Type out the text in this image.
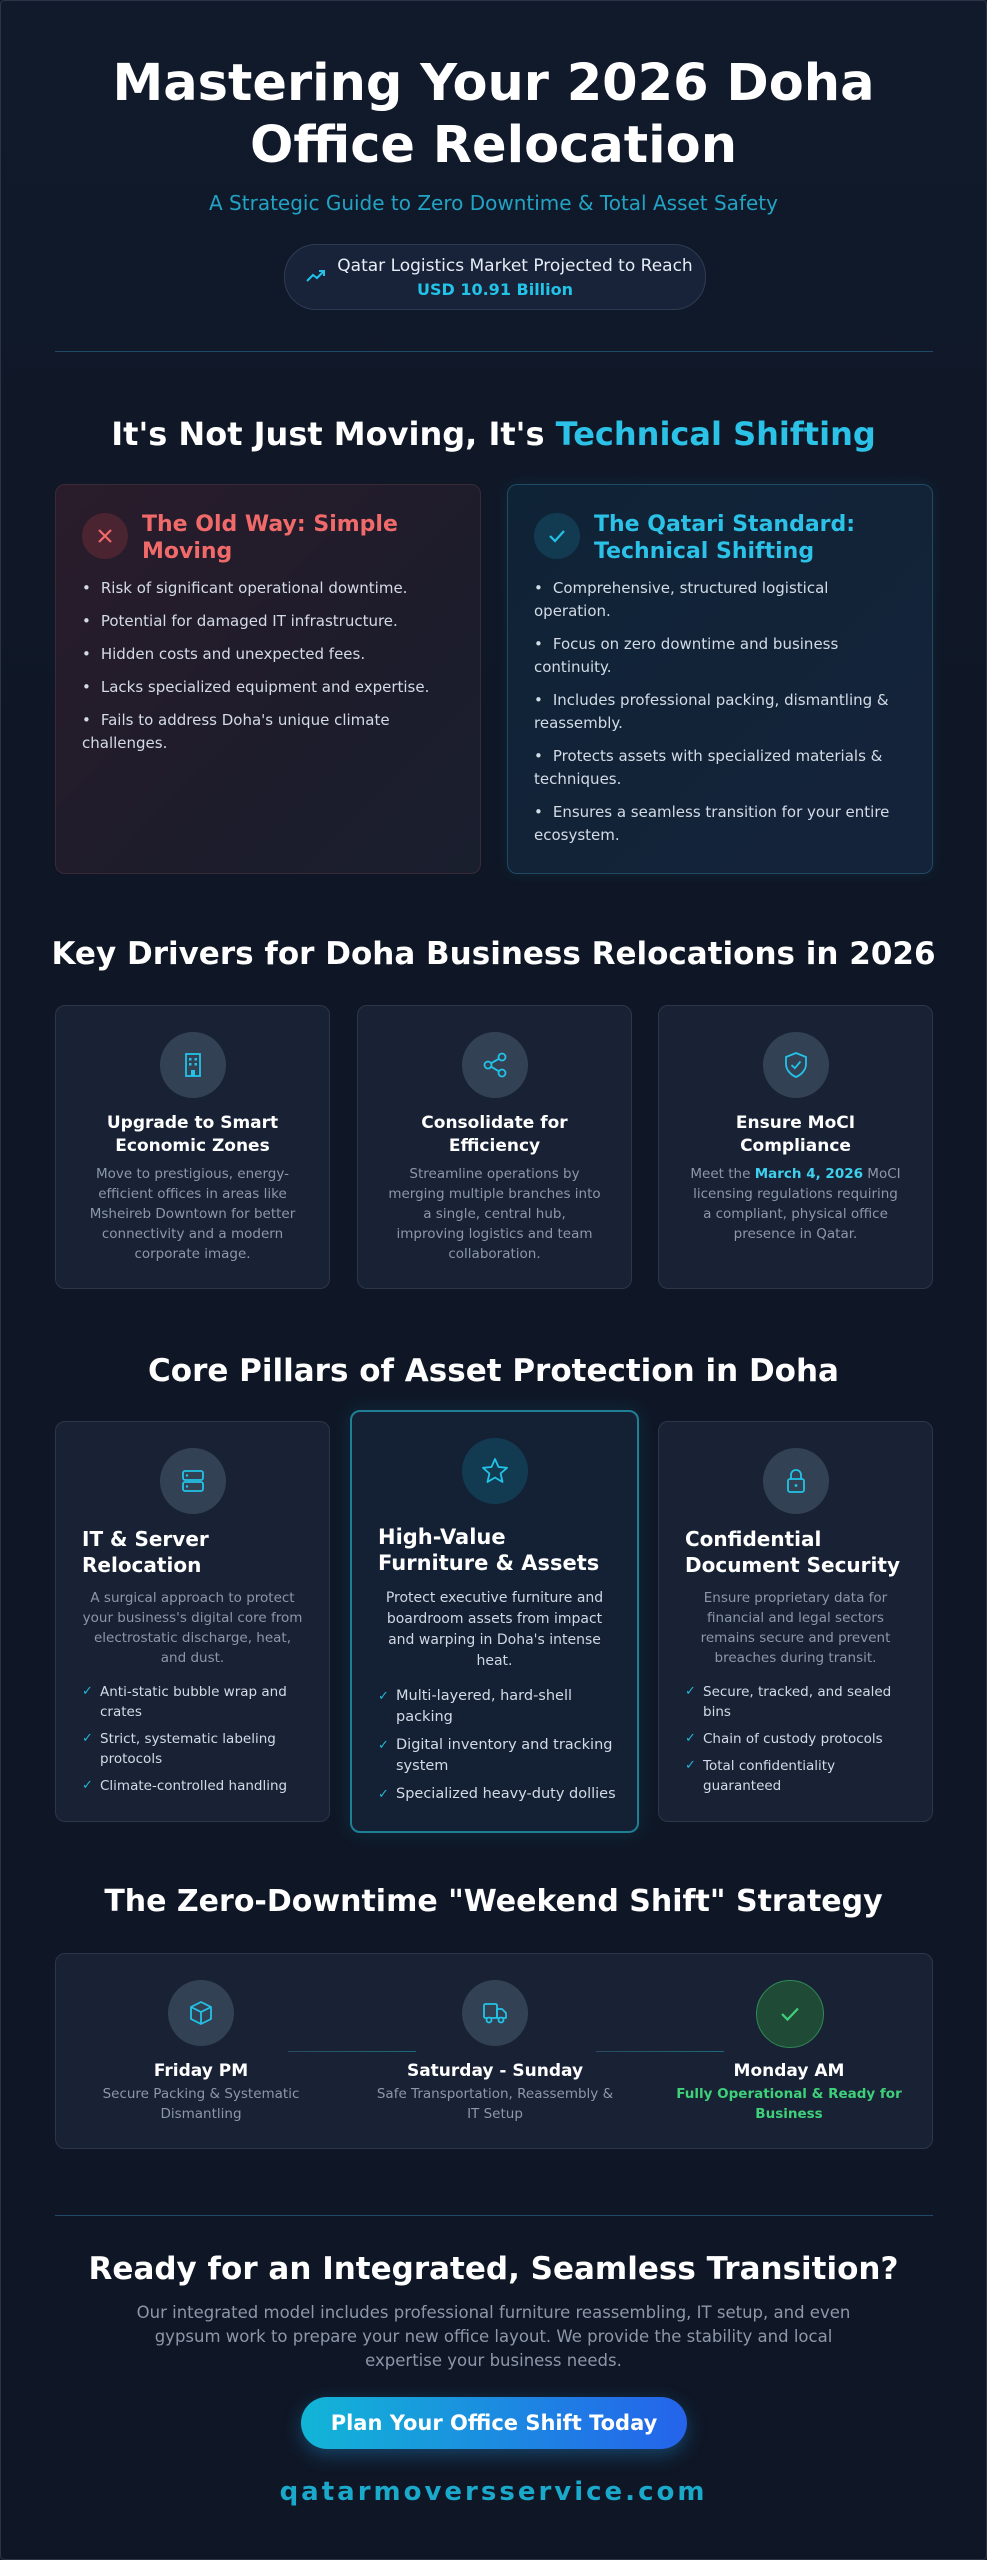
Mastering Your 2026 Doha
Office Relocation
A Strategic Guide to Zero Downtime & Total Asset Safety
Qatar Logistics Market Projected to Reach
USD 10.91 Billion
It's Not Just Moving, It's Technical Shifting
The Old Way: Simple
Moving
• Risk of significant operational downtime.
• Potential for damaged IT infrastructure.
• Hidden costs and unexpected fees.
• Lacks specialized equipment and expertise.
• Fails to address Doha's unique climate challenges.
The Qatari Standard:
Technical Shifting
• Comprehensive, structured logistical operation.
• Focus on zero downtime and business continuity.
• Includes professional packing, dismantling & reassembly.
• Protects assets with specialized materials & techniques.
• Ensures a seamless transition for your entire ecosystem.
Key Drivers for Doha Business Relocations in 2026
Upgrade to Smart
Economic Zones
Move to prestigious, energy-efficient offices in areas like Msheireb Downtown for better connectivity and a modern corporate image.
Consolidate for
Efficiency
Streamline operations by merging multiple branches into a single, central hub, improving logistics and team collaboration.
Ensure MoCI
Compliance
Meet the March 4, 2026 MoCI licensing regulations requiring a compliant, physical office presence in Qatar.
Core Pillars of Asset Protection in Doha
IT & Server
Relocation
A surgical approach to protect your business's digital core from electrostatic discharge, heat, and dust.
✓ Anti-static bubble wrap and crates
✓ Strict, systematic labeling protocols
✓ Climate-controlled handling
High-Value
Furniture & Assets
Protect executive furniture and boardroom assets from impact and warping in Doha's intense heat.
✓ Multi-layered, hard-shell packing
✓ Digital inventory and tracking system
✓ Specialized heavy-duty dollies
Confidential
Document Security
Ensure proprietary data for financial and legal sectors remains secure and prevent breaches during transit.
✓ Secure, tracked, and sealed bins
✓ Chain of custody protocols
✓ Total confidentiality guaranteed
The Zero-Downtime "Weekend Shift" Strategy
Friday PM
Secure Packing & Systematic Dismantling
Saturday - Sunday
Safe Transportation, Reassembly & IT Setup
Monday AM
Fully Operational & Ready for Business
Ready for an Integrated, Seamless Transition?
Our integrated model includes professional furniture reassembling, IT setup, and even gypsum work to prepare your new office layout. We provide the stability and local expertise your business needs.
Plan Your Office Shift Today
qatarmoversservice.com
